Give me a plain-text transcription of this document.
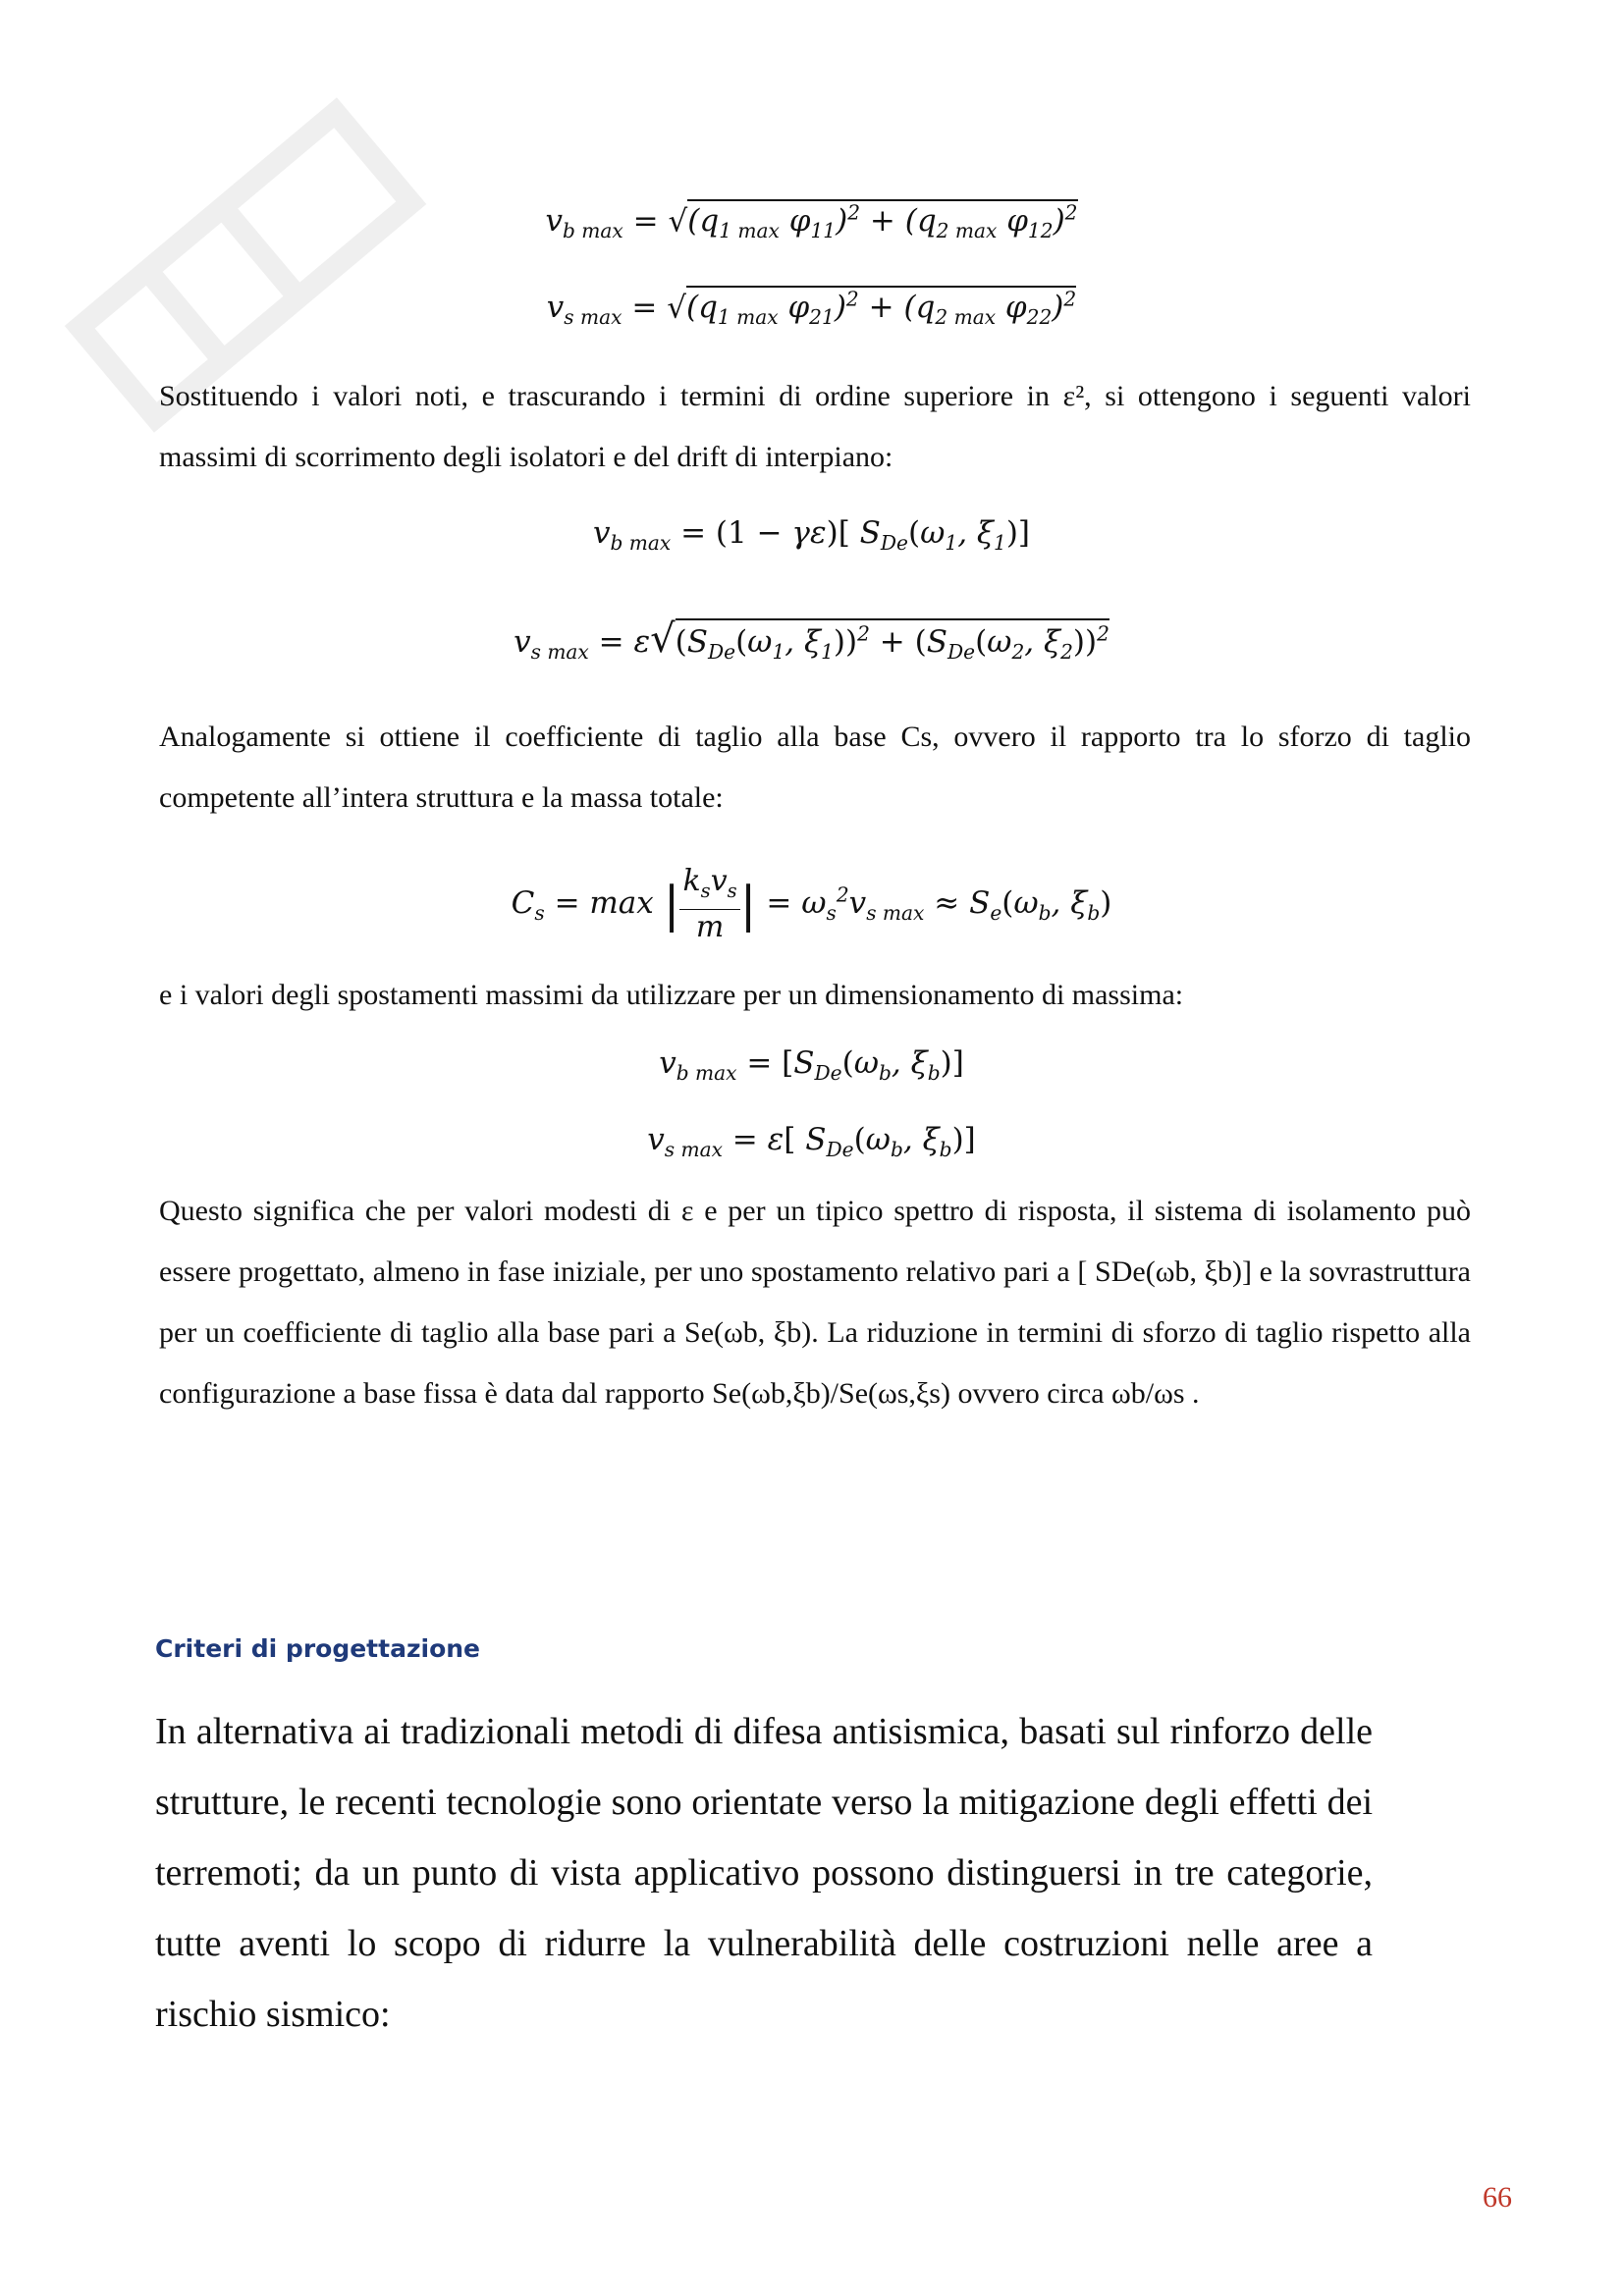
$v_{b max} = √(q_{1 max}$ $\varphi_{11})^2 + (q_{2 max}$ $\varphi_{12})^2$
$v_{s max} = √(q_{1 max}$ $\varphi_{21})^2 + (q_{2 max}$ $\varphi_{22})^2$

Sostituendo i valori noti, e trascurando i termini di ordine superiore in ε², si ottengono i seguenti valori massimi di scorrimento degli isolatori e del drift di interpiano:

$v_{b max} = (1 - \gamma\varepsilon)$[ $S_{De}(\omega_1$, $\xi_1$)]
$v_{s max} = \varepsilon√(S_{De}(\omega_1$, $\xi_1))^2 + (S_{De}(\omega_2$, $\xi_2))^2$

Analogamente si ottiene il coefficiente di taglio alla base Cs, ovvero il rapporto tra lo sforzo di taglio competente all’intera struttura e la massa totale:

$C_s = \max$ | $\frac{k_sv_s}{m}$ | = $\omega_s^2v_{s max} \approx S_e(\omega_b$, $\xi_b$)

e i valori degli spostamenti massimi da utilizzare per un dimensionamento di massima:

$v_{b max} = [S_{De}(\omega_b$, $\xi_b$)]
$v_{s max} = \varepsilon$[ $S_{De}(\omega_b$, $\xi_b$)]

Questo significa che per valori modesti di ε e per un tipico spettro di risposta, il sistema di isolamento può essere progettato, almeno in fase iniziale, per uno spostamento relativo pari a [ SDe(ωb, ξb)] e la sovrastruttura per un coefficiente di taglio alla base pari a Se(ωb, ξb). La riduzione in termini di sforzo di taglio rispetto alla configurazione a base fissa è data dal rapporto Se(ωb,ξb)/Se(ωs,ξs) ovvero circa ωb/ωs .

Criteri di progettazione

In alternativa ai tradizionali metodi di difesa antisismica, basati sul rinforzo delle strutture, le recenti tecnologie sono orientate verso la mitigazione degli effetti dei terremoti; da un punto di vista applicativo possono distinguersi in tre categorie, tutte aventi lo scopo di ridurre la vulnerabilità delle costruzioni nelle aree a rischio sismico:

66
